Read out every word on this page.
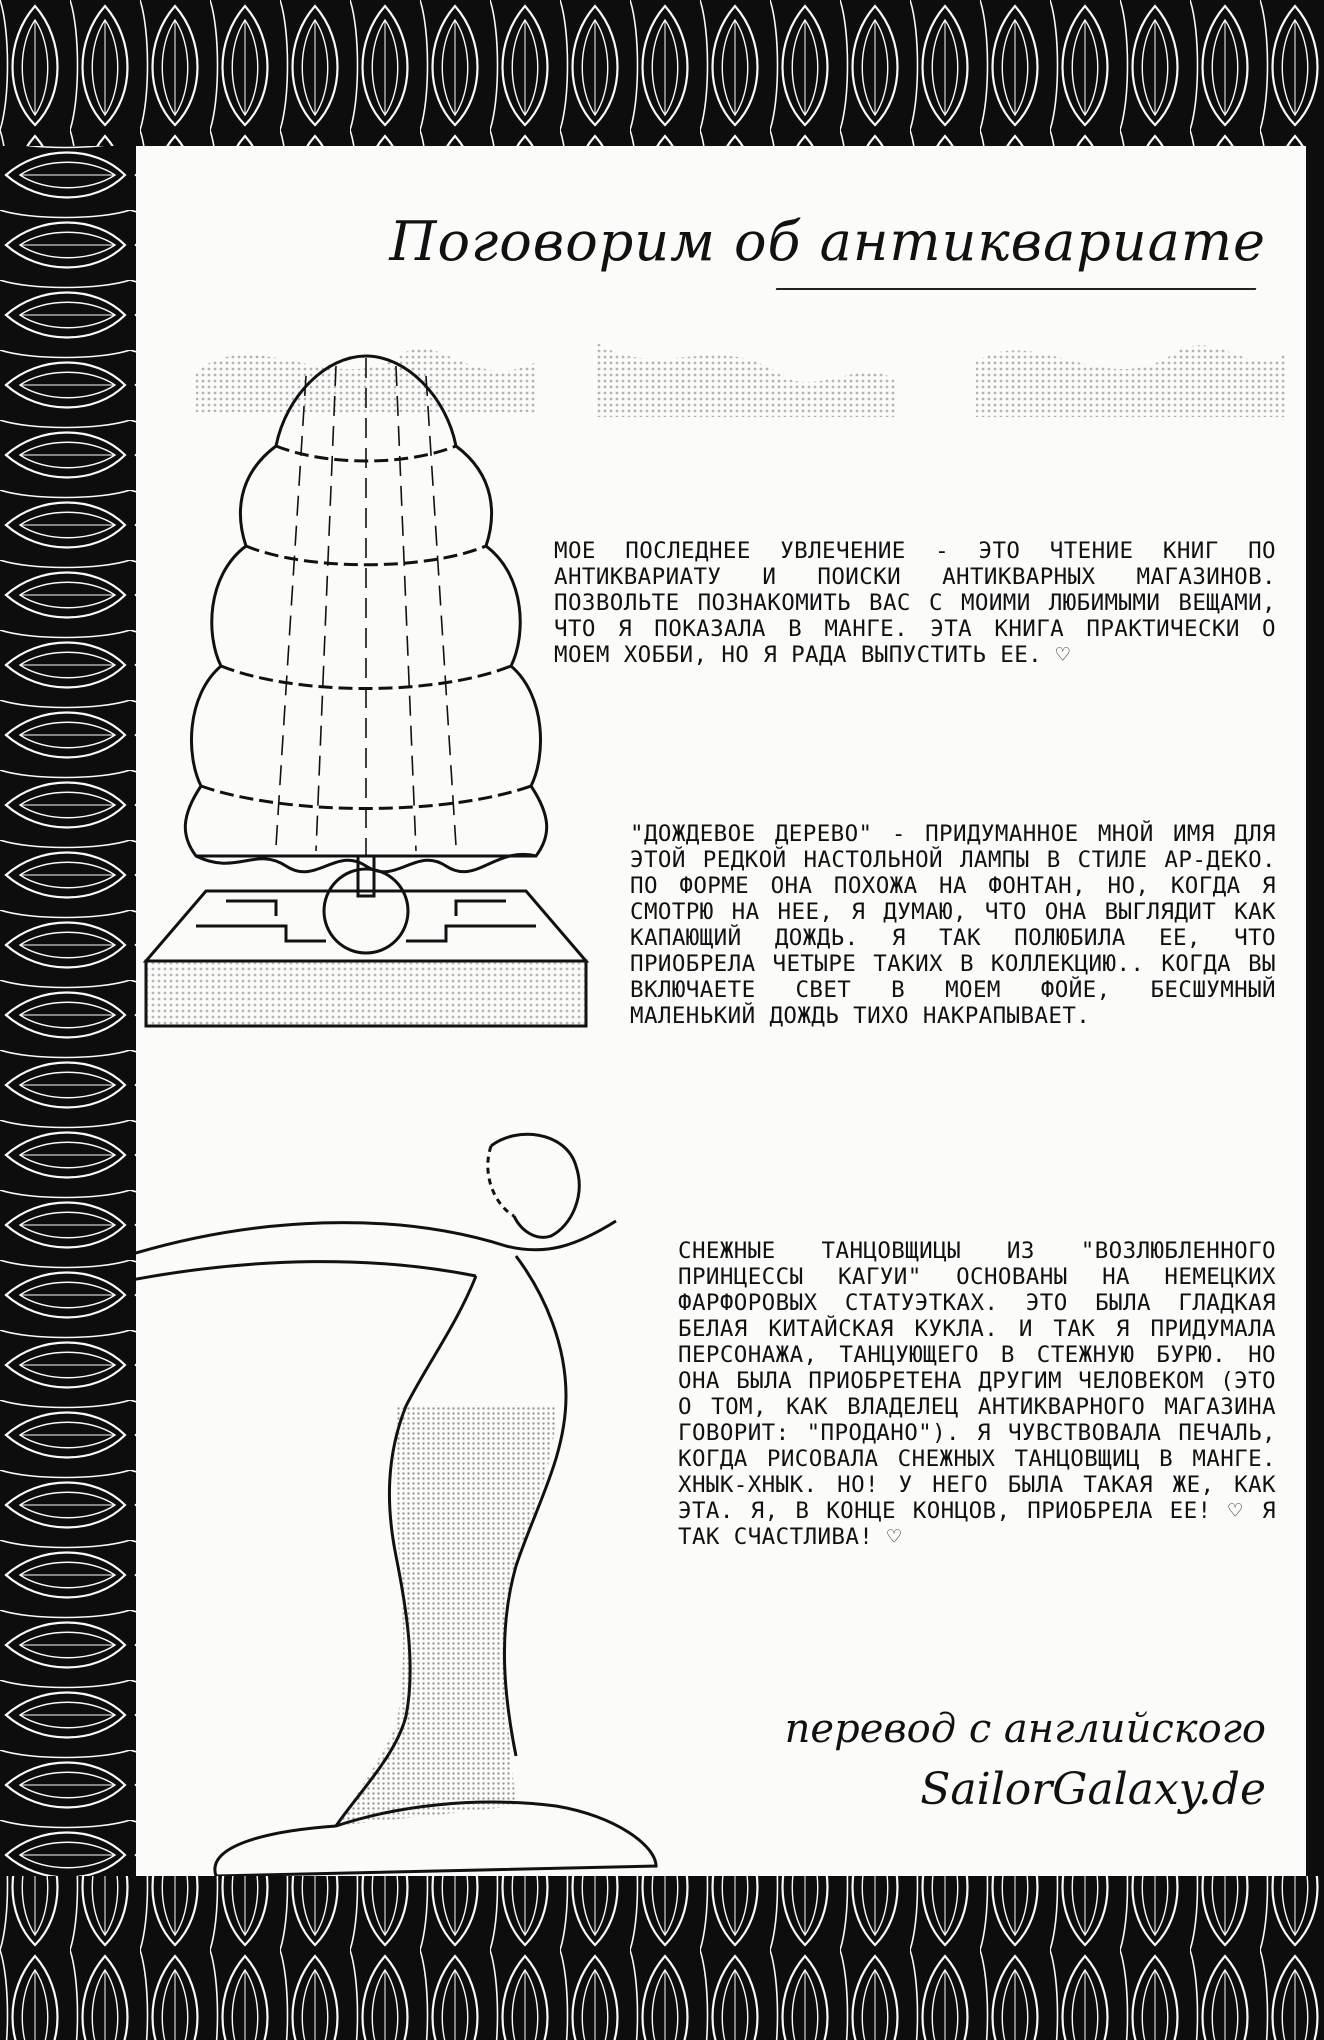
Поговорим об антиквариате
МОЕ ПОСЛЕДНЕЕ УВЛЕЧЕНИЕ - ЭТО ЧТЕНИЕ КНИГ ПО АНТИКВАРИАТУ И ПОИСКИ АНТИКВАРНЫХ МАГАЗИНОВ. ПОЗВОЛЬТЕ ПОЗНАКОМИТЬ ВАС С МОИМИ ЛЮБИМЫМИ ВЕЩАМИ, ЧТО Я ПОКАЗАЛА В МАНГЕ. ЭТА КНИГА ПРАКТИЧЕСКИ О МОЕМ ХОББИ, НО Я РАДА ВЫПУСТИТЬ ЕЕ. ♡
"ДОЖДЕВОЕ ДЕРЕВО" - ПРИДУМАННОЕ МНОЙ ИМЯ ДЛЯ ЭТОЙ РЕДКОЙ НАСТОЛЬНОЙ ЛАМПЫ В СТИЛЕ АР-ДЕКО. ПО ФОРМЕ ОНА ПОХОЖА НА ФОНТАН, НО, КОГДА Я СМОТРЮ НА НЕЕ, Я ДУМАЮ, ЧТО ОНА ВЫГЛЯДИТ КАК КАПАЮЩИЙ ДОЖДЬ. Я ТАК ПОЛЮБИЛА ЕЕ, ЧТО ПРИОБРЕЛА ЧЕТЫРЕ ТАКИХ В КОЛЛЕКЦИЮ.. КОГДА ВЫ ВКЛЮЧАЕТЕ СВЕТ В МОЕМ ФОЙЕ, БЕСШУМНЫЙ МАЛЕНЬКИЙ ДОЖДЬ ТИХО НАКРАПЫВАЕТ.
СНЕЖНЫЕ ТАНЦОВЩИЦЫ ИЗ "ВОЗЛЮБЛЕННОГО ПРИНЦЕССЫ КАГУИ" ОСНОВАНЫ НА НЕМЕЦКИХ ФАРФОРОВЫХ СТАТУЭТКАХ. ЭТО БЫЛА ГЛАДКАЯ БЕЛАЯ КИТАЙСКАЯ КУКЛА. И ТАК Я ПРИДУМАЛА ПЕРСОНАЖА, ТАНЦУЮЩЕГО В СТЕЖНУЮ БУРЮ. НО ОНА БЫЛА ПРИОБРЕТЕНА ДРУГИМ ЧЕЛОВЕКОМ (ЭТО О ТОМ, КАК ВЛАДЕЛЕЦ АНТИКВАРНОГО МАГАЗИНА ГОВОРИТ: "ПРОДАНО"). Я ЧУВСТВОВАЛА ПЕЧАЛЬ, КОГДА РИСОВАЛА СНЕЖНЫХ ТАНЦОВЩИЦ В МАНГЕ. ХНЫК-ХНЫК. НО! У НЕГО БЫЛА ТАКАЯ ЖЕ, КАК ЭТА. Я, В КОНЦЕ КОНЦОВ, ПРИОБРЕЛА ЕЕ! ♡ Я ТАК СЧАСТЛИВА! ♡
перевод с английского
SailorGalaxy.de
